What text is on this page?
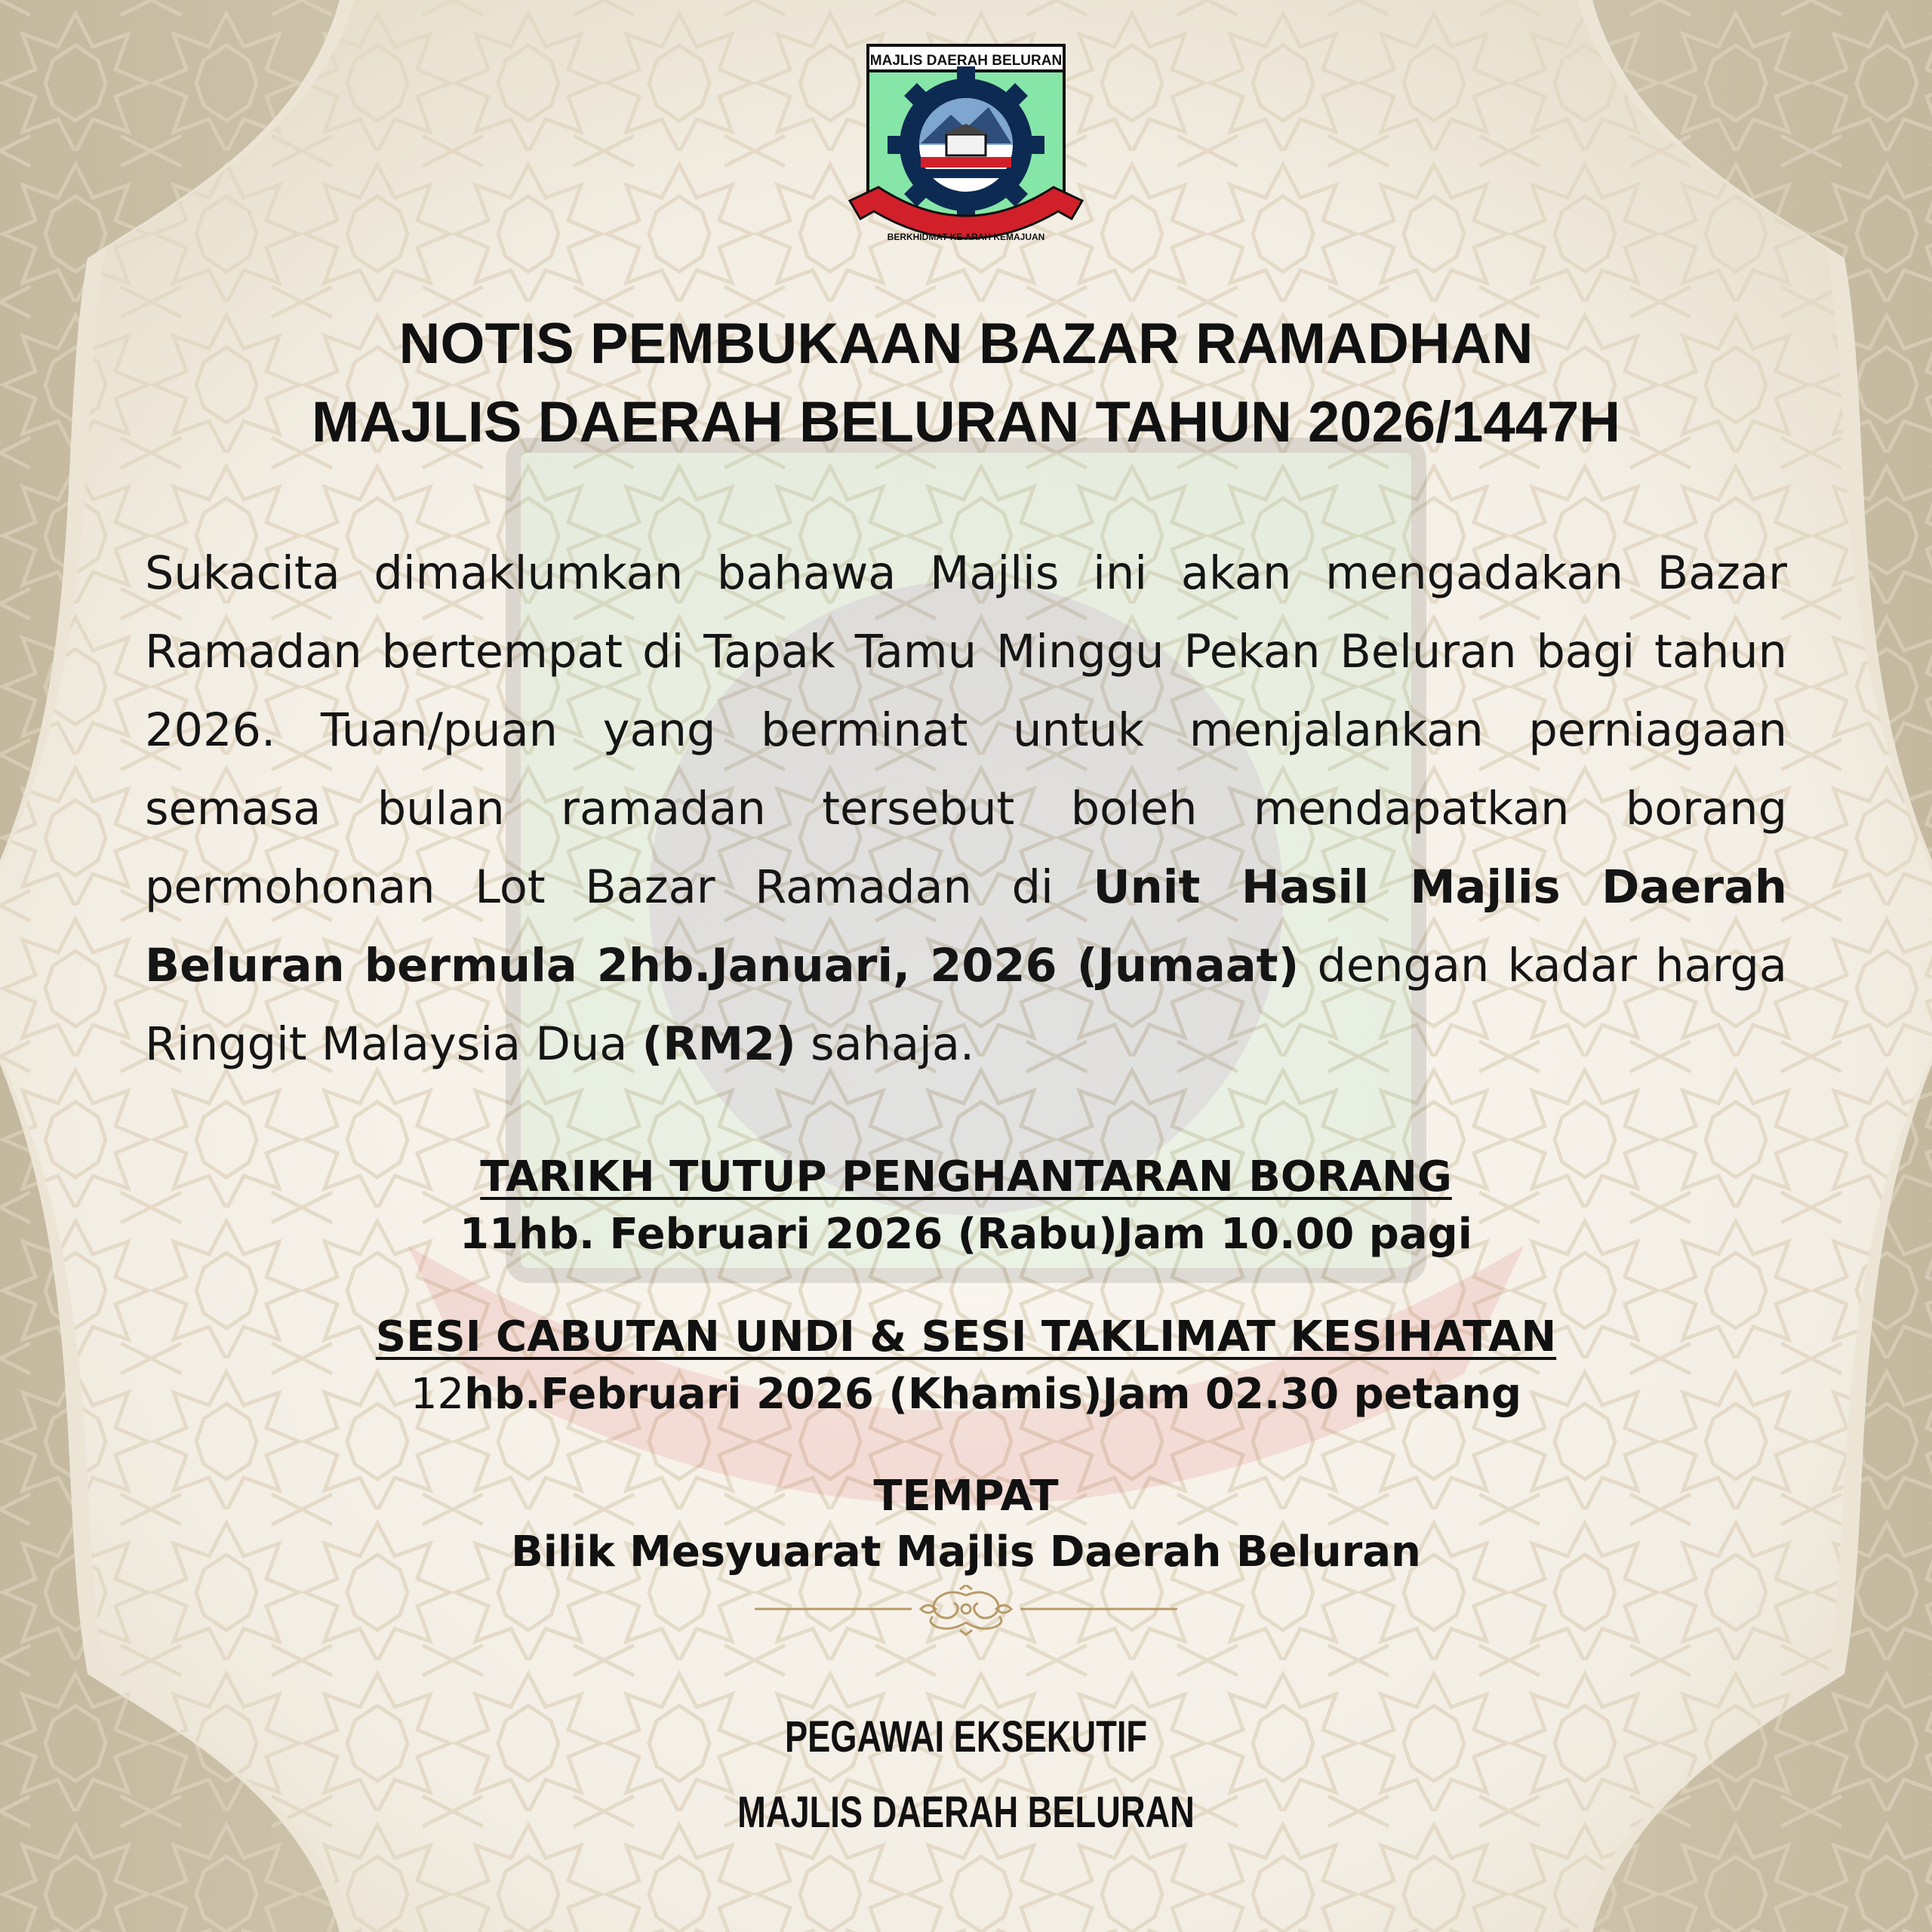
MAJLIS DAERAH BELURAN
BERKHIDMAT KE ARAH KEMAJUAN
NOTIS PEMBUKAAN BAZAR RAMADHAN
MAJLIS DAERAH BELURAN TAHUN 2026/1447H

Sukacita dimaklumkan bahawa Majlis ini akan mengadakan Bazar Ramadan bertempat di Tapak Tamu Minggu Pekan Beluran bagi tahun 2026. Tuan/puan yang berminat untuk menjalankan perniagaan semasa bulan ramadan tersebut boleh mendapatkan borang permohonan Lot Bazar Ramadan di Unit Hasil Majlis Daerah Beluran bermula 2hb.Januari, 2026 (Jumaat) dengan kadar harga Ringgit Malaysia Dua (RM2) sahaja.

TARIKH TUTUP PENGHANTARAN BORANG
11hb. Februari 2026 (Rabu)Jam 10.00 pagi
SESI CABUTAN UNDI & SESI TAKLIMAT KESIHATAN
12hb.Februari 2026 (Khamis)Jam 02.30 petang
TEMPAT
Bilik Mesyuarat Majlis Daerah Beluran
PEGAWAI EKSEKUTIF
MAJLIS DAERAH BELURAN
